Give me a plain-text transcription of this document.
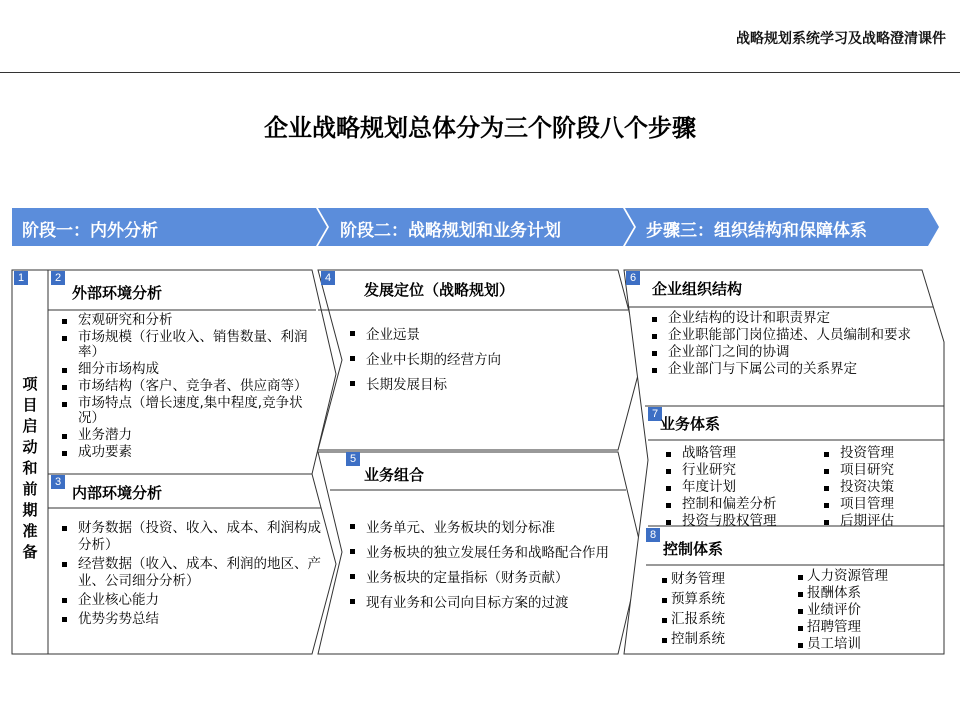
战略规划系统学习及战略澄清课件
企业战略规划总体分为三个阶段八个步骤
阶段一：内外分析	阶段二：战略规划和业务计划	步骤三：组织结构和保障体系
1
项目启动和前期准备
2
外部环境分析
宏观研究和分析
市场规模（行业收入、销售数量、利润率）
细分市场构成
市场结构（客户、竞争者、供应商等）
市场特点（增长速度,集中程度,竞争状况）
业务潜力
成功要素
3
内部环境分析
财务数据（投资、收入、成本、利润构成分析）
经营数据（收入、成本、利润的地区、产业、公司细分分析）
企业核心能力
优势劣势总结
4
发展定位（战略规划）
企业远景
企业中长期的经营方向
长期发展目标
5
业务组合
业务单元、业务板块的划分标准
业务板块的独立发展任务和战略配合作用
业务板块的定量指标（财务贡献）
现有业务和公司向目标方案的过渡
6
企业组织结构
企业结构的设计和职责界定
企业职能部门岗位描述、人员编制和要求
企业部门之间的协调
企业部门与下属公司的关系界定
7
业务体系
战略管理
行业研究
年度计划
控制和偏差分析
投资与股权管理
投资管理
项目研究
投资决策
项目管理
后期评估
8
控制体系
财务管理
预算系统
汇报系统
控制系统
人力资源管理
报酬体系
业绩评价
招聘管理
员工培训
